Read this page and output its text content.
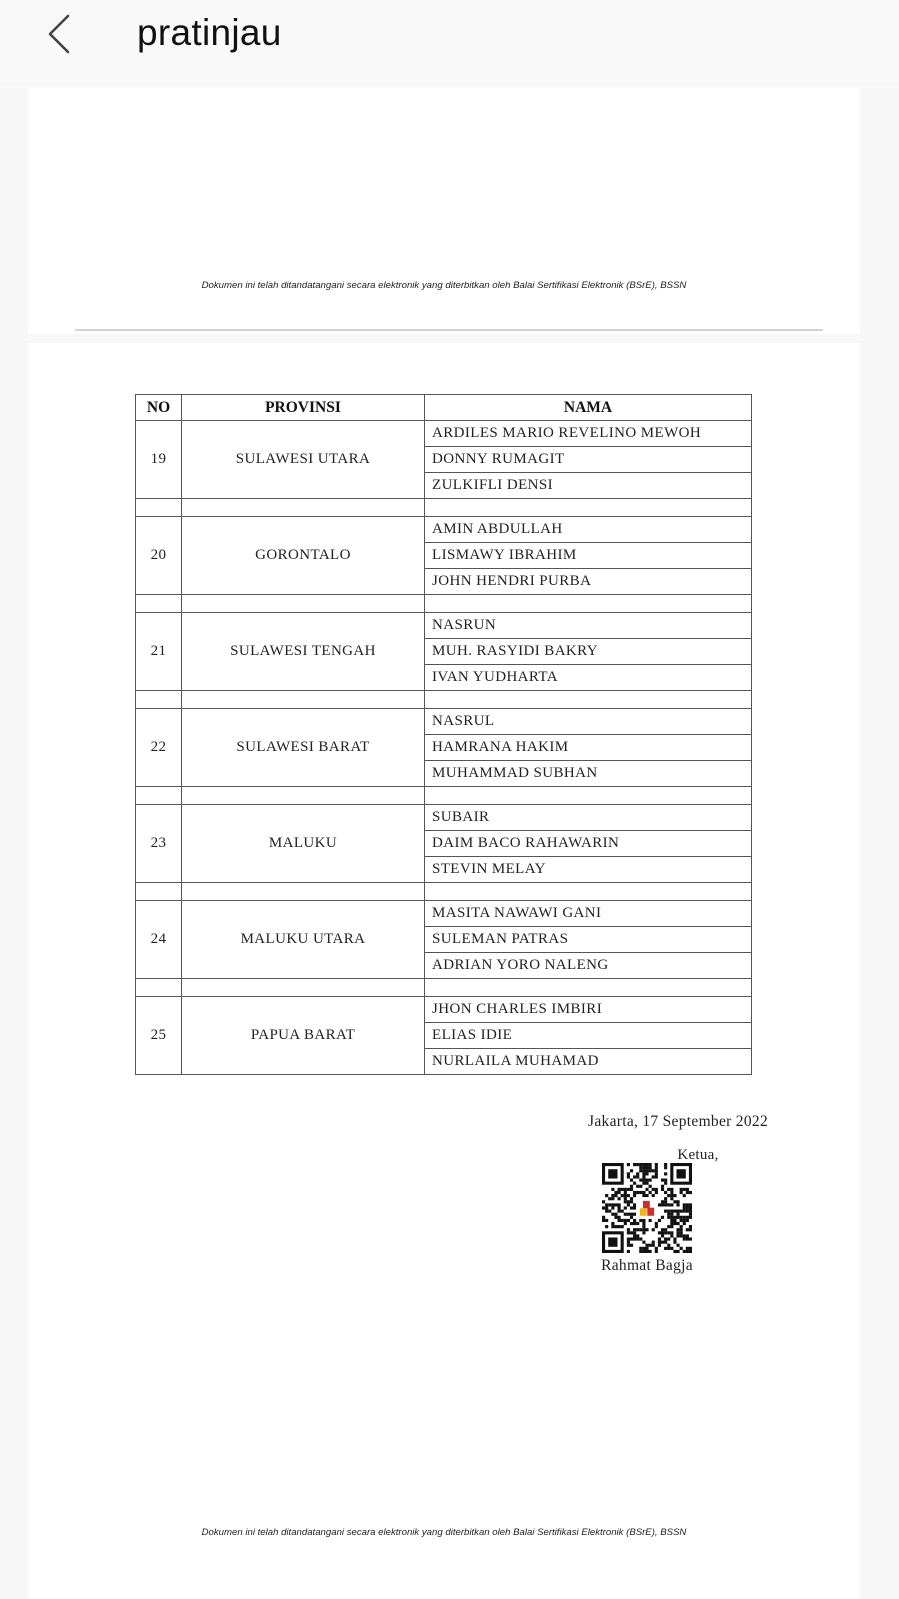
pratinjau
Dokumen ini telah ditandatangani secara elektronik yang diterbitkan oleh Balai Sertifikasi Elektronik (BSrE), BSSN
NO	PROVINSI	NAMA
19	SULAWESI UTARA	ARDILES MARIO REVELINO MEWOH
		DONNY RUMAGIT
		ZULKIFLI DENSI

20	GORONTALO	AMIN ABDULLAH
		LISMAWY IBRAHIM
		JOHN HENDRI PURBA

21	SULAWESI TENGAH	NASRUN
		MUH. RASYIDI BAKRY
		IVAN YUDHARTA

22	SULAWESI BARAT	NASRUL
		HAMRANA HAKIM
		MUHAMMAD SUBHAN

23	MALUKU	SUBAIR
		DAIM BACO RAHAWARIN
		STEVIN MELAY

24	MALUKU UTARA	MASITA NAWAWI GANI
		SULEMAN PATRAS
		ADRIAN YORO NALENG

25	PAPUA BARAT	JHON CHARLES IMBIRI
		ELIAS IDIE
		NURLAILA MUHAMAD
Jakarta, 17 September 2022
Ketua,
Rahmat Bagja
Dokumen ini telah ditandatangani secara elektronik yang diterbitkan oleh Balai Sertifikasi Elektronik (BSrE), BSSN
